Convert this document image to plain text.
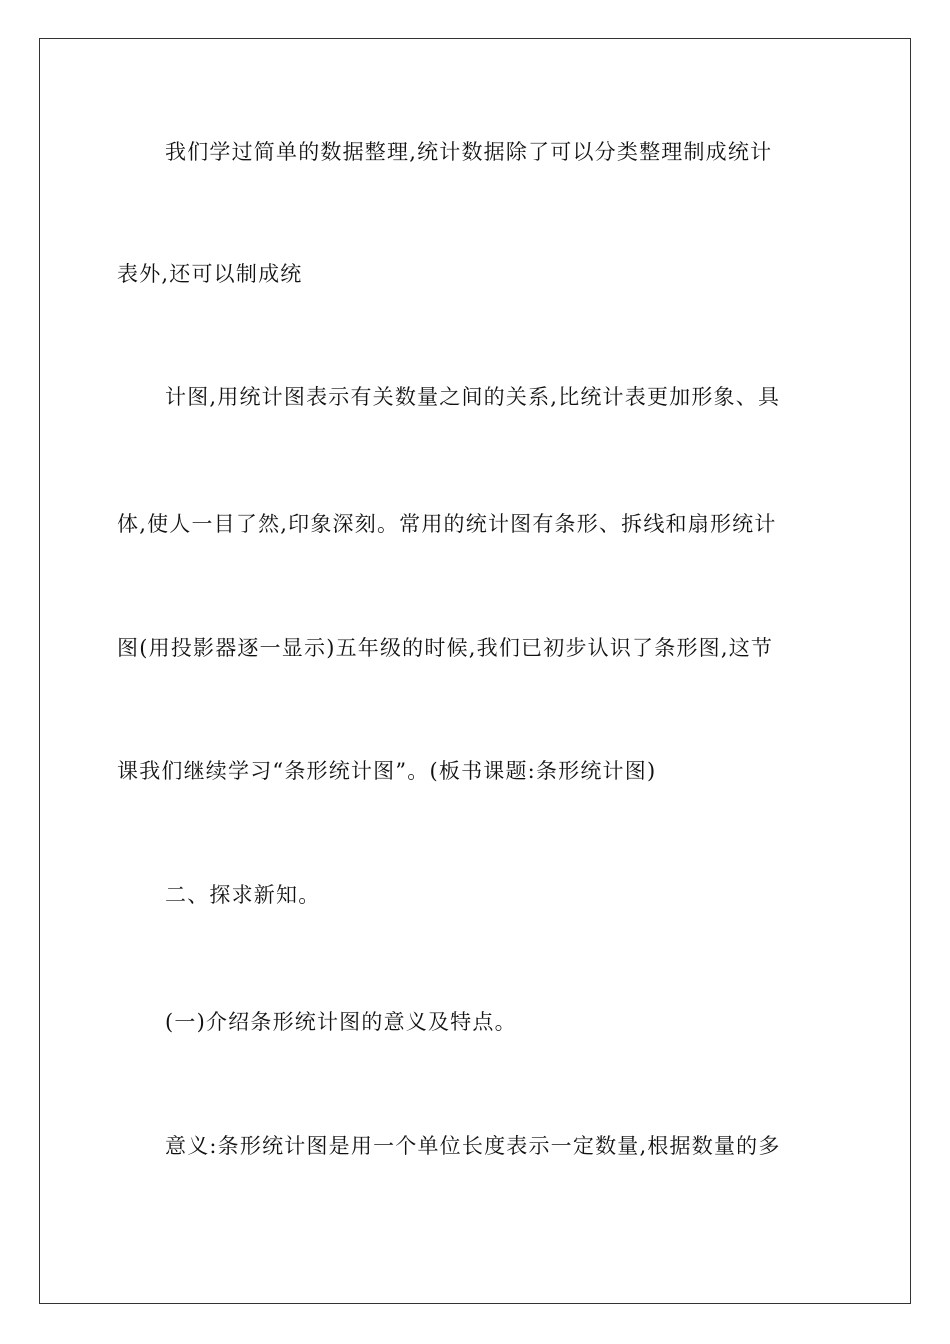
我们学过简单的数据整理,统计数据除了可以分类整理制成统计
表外,还可以制成统
计图,用统计图表示有关数量之间的关系,比统计表更加形象、具
体,使人一目了然,印象深刻。常用的统计图有条形、拆线和扇形统计
图(用投影器逐一显示)五年级的时候,我们已初步认识了条形图,这节
课我们继续学习“条形统计图”。(板书课题:条形统计图)
二、探求新知。
(一)介绍条形统计图的意义及特点。
意义:条形统计图是用一个单位长度表示一定数量,根据数量的多
